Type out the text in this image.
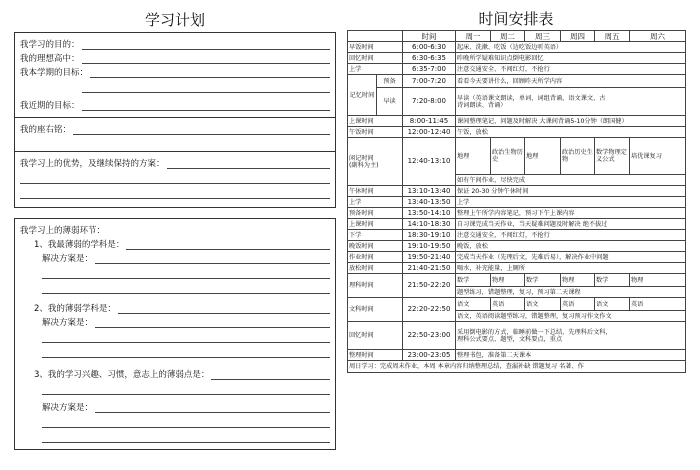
学习计划
我学习的目的：
我的理想高中：
我本学期的目标：
我近期的目标：
我的座右铭：
我学习上的优势，及继续保持的方案：
我学习上的薄弱环节：
1、我最薄弱的学科是：
解决方案是：
2、我的薄弱学科是：
解决方案是：
3、我的学习兴趣、习惯，意志上的薄弱点是：
解决方案是：
时间安排表
		时间	周一	周二	周三	周四	周五	周六
早饭时间		6:00-6:30	起床、洗漱、吃饭（边吃饭边听英语）					
回忆时间		6:30-6:35	昨晚所学疑难知识点倒电影回忆					
上学		6:35-7:00	注意交通安全、不闯红灯，不抢行					
记忆时间	预备	7:00-7:20	看看今天要讲什么，回顾昨天所学内容					
	早读	7:20-8:00	早读（英语课文朗读，单词，词组背诵，语文课文、古
诗词朗读、背诵）					

上课时间		8:00-11:45	课间整理笔记，问题及时解决 大课间背诵5-10分钟（朗国健）					
午饭时间		12:00-12:40	午饭，放松					

闲记时间
(副科为主)		12:40-13:10	地理	政治生物历史	地理	政治历史生物	数学物理定义公式	培优课复习
			如有午间作业，尽快完成					
午休时间		13:10-13:40	保证 20-30 分钟午休时间					
上学		13:40-13:50	上学					
预备时间		13:50-14:10	整理上午所学内容笔记，预习下午上课内容					
上课时间		14:10-18:30	自习课完成当天作业，当天疑难问题及时解决 绝不拔过					
下学		18:30-19:10	注意交通安全，不闯红灯，不抢行					
晚饭时间		19:10-19:50	晚饭，放松					
作业时间		19:50-21:40	完成当天作业（先理后文，先难后易），解决作业中问题					
放松时间		21:40-21:50	喝水，补充能量，上厕所					
理科时间		21:50-22:20	数学	物理	数学	物理	数学	物理
			题型练习，错题整理，复习，预习第二天课程					
文科时间		22:20-22:50	语文	英语	语文	英语	语文	英语
			语文，英语阅读题型练习，错题整理，复习预习作文作文					
回忆时间		22:50-23:00	采用倒电影的方式，临睡前做一下总结，先理科后文科，
理科公式要点、题型，文科要点，重点					

整理时间		23:00-23:05	整理书包，准备第二天课本					
周日学习：完成周末作业，本周 本章内容归纳整理总结，查漏补缺 错题复习 名著、作								
